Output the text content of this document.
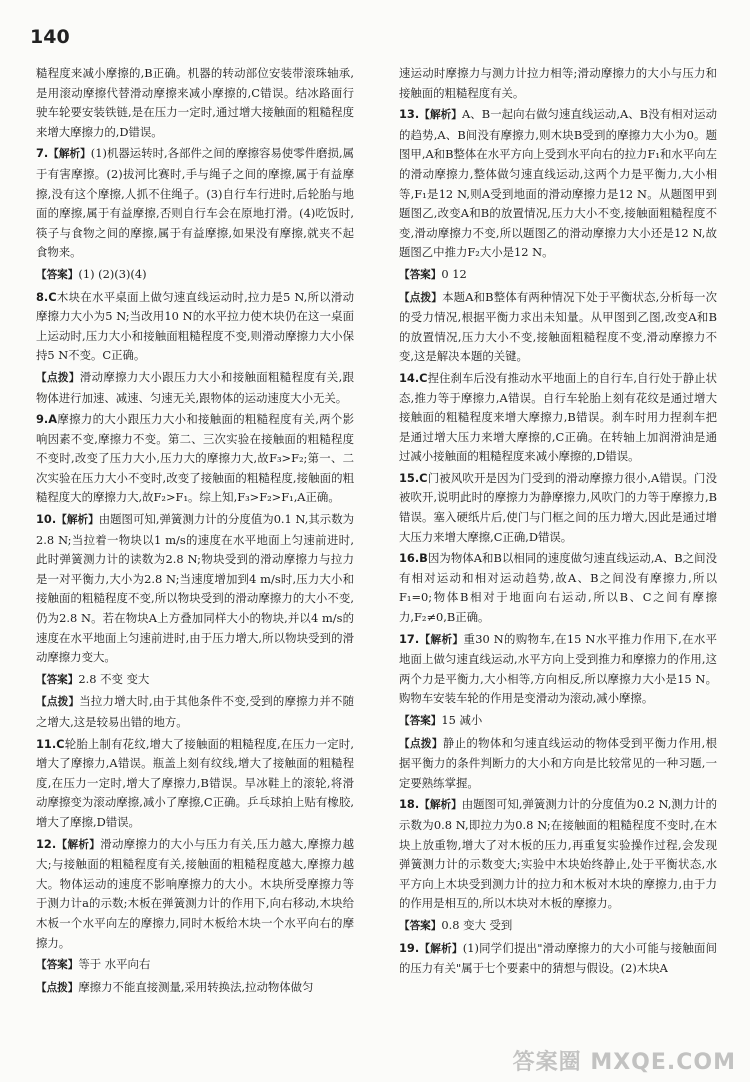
140
糙程度来减小摩擦的,B正确。机器的转动部位安装带滚珠轴承,是用滚动摩擦代替滑动摩擦来减小摩擦的,C错误。结冰路面行驶车轮要安装铁链,是在压力一定时,通过增大接触面的粗糙程度来增大摩擦力的,D错误。
7.【解析】(1)机器运转时,各部件之间的摩擦容易使零件磨损,属于有害摩擦。(2)拔河比赛时,手与绳子之间的摩擦,属于有益摩擦,没有这个摩擦,人抓不住绳子。(3)自行车行进时,后轮胎与地面的摩擦,属于有益摩擦,否则自行车会在原地打滑。(4)吃饭时,筷子与食物之间的摩擦,属于有益摩擦,如果没有摩擦,就夹不起食物来。
【答案】(1) (2)(3)(4)
8.C木块在水平桌面上做匀速直线运动时,拉力是5 N,所以滑动摩擦力大小为5 N;当改用10 N的水平拉力使木块仍在这一桌面上运动时,压力大小和接触面粗糙程度不变,则滑动摩擦力大小保持5 N不变。C正确。
【点拨】滑动摩擦力大小跟压力大小和接触面粗糙程度有关,跟物体进行加速、减速、匀速无关,跟物体的运动速度大小无关。
9.A摩擦力的大小跟压力大小和接触面的粗糙程度有关,两个影响因素不变,摩擦力不变。第二、三次实验在接触面的粗糙程度不变时,改变了压力大小,压力大的摩擦力大,故F₃>F₂;第一、二次实验在压力大小不变时,改变了接触面的粗糙程度,接触面的粗糙程度大的摩擦力大,故F₂>F₁。综上知,F₃>F₂>F₁,A正确。
10.【解析】由题图可知,弹簧测力计的分度值为0.1 N,其示数为2.8 N;当拉着一物块以1 m/s的速度在水平地面上匀速前进时,此时弹簧测力计的读数为2.8 N;物块受到的滑动摩擦力与拉力是一对平衡力,大小为2.8 N;当速度增加到4 m/s时,压力大小和接触面的粗糙程度不变,所以物块受到的滑动摩擦力的大小不变,仍为2.8 N。若在物块A上方叠加同样大小的物块,并以4 m/s的速度在水平地面上匀速前进时,由于压力增大,所以物块受到的滑动摩擦力变大。
【答案】2.8 不变 变大
【点拨】当拉力增大时,由于其他条件不变,受到的摩擦力并不随之增大,这是较易出错的地方。
11.C轮胎上制有花纹,增大了接触面的粗糙程度,在压力一定时,增大了摩擦力,A错误。瓶盖上刻有纹线,增大了接触面的粗糙程度,在压力一定时,增大了摩擦力,B错误。旱冰鞋上的滚轮,将滑动摩擦变为滚动摩擦,减小了摩擦,C正确。乒乓球拍上贴有橡胶,增大了摩擦,D错误。
12.【解析】滑动摩擦力的大小与压力有关,压力越大,摩擦力越大;与接触面的粗糙程度有关,接触面的粗糙程度越大,摩擦力越大。物体运动的速度不影响摩擦力的大小。木块所受摩擦力等于测力计a的示数;木板在弹簧测力计的作用下,向右移动,木块给木板一个水平向左的摩擦力,同时木板给木块一个水平向右的摩擦力。
【答案】等于 水平向右
【点拨】摩擦力不能直接测量,采用转换法,拉动物体做匀
速运动时摩擦力与测力计拉力相等;滑动摩擦力的大小与压力和接触面的粗糙程度有关。
13.【解析】A、B一起向右做匀速直线运动,A、B没有相对运动的趋势,A、B间没有摩擦力,则木块B受到的摩擦力大小为0。题图甲,A和B整体在水平方向上受到水平向右的拉力F₁和水平向左的滑动摩擦力,整体做匀速直线运动,这两个力是平衡力,大小相等,F₁是12 N,则A受到地面的滑动摩擦力是12 N。从题图甲到题图乙,改变A和B的放置情况,压力大小不变,接触面粗糙程度不变,滑动摩擦力不变,所以题图乙的滑动摩擦力大小还是12 N,故题图乙中推力F₂大小是12 N。
【答案】0 12
【点拨】本题A和B整体有两种情况下处于平衡状态,分析每一次的受力情况,根据平衡力求出未知量。从甲图到乙图,改变A和B的放置情况,压力大小不变,接触面粗糙程度不变,滑动摩擦力不变,这是解决本题的关键。
14.C捏住刹车后没有推动水平地面上的自行车,自行处于静止状态,推力等于摩擦力,A错误。自行车轮胎上刻有花纹是通过增大接触面的粗糙程度来增大摩擦力,B错误。刹车时用力捏刹车把是通过增大压力来增大摩擦的,C正确。在转轴上加润滑油是通过减小接触面的粗糙程度来减小摩擦的,D错误。
15.C门被风吹开是因为门受到的滑动摩擦力很小,A错误。门没被吹开,说明此时的摩擦力为静摩擦力,风吹门的力等于摩擦力,B错误。塞入硬纸片后,使门与门框之间的压力增大,因此是通过增大压力来增大摩擦,C正确,D错误。
16.B因为物体A和B以相同的速度做匀速直线运动,A、B之间没有相对运动和相对运动趋势,故A、B之间没有摩擦力,所以F₁=0;物体B相对于地面向右运动,所以B、C之间有摩擦力,F₂≠0,B正确。
17.【解析】重30 N的购物车,在15 N水平推力作用下,在水平地面上做匀速直线运动,水平方向上受到推力和摩擦力的作用,这两个力是平衡力,大小相等,方向相反,所以摩擦力大小是15 N。购物车安装车轮的作用是变滑动为滚动,减小摩擦。
【答案】15 减小
【点拨】静止的物体和匀速直线运动的物体受到平衡力作用,根据平衡力的条件判断力的大小和方向是比较常见的一种习题,一定要熟练掌握。
18.【解析】由题图可知,弹簧测力计的分度值为0.2 N,测力计的示数为0.8 N,即拉力为0.8 N;在接触面的粗糙程度不变时,在木块上放重物,增大了对木板的压力,再重复实验操作过程,会发现弹簧测力计的示数变大;实验中木块始终静止,处于平衡状态,水平方向上木块受到测力计的拉力和木板对木块的摩擦力,由于力的作用是相互的,所以木块对木板的摩擦力。
【答案】0.8 变大 受到
19.【解析】(1)同学们提出"滑动摩擦力的大小可能与接触面间的压力有关"属于七个要素中的猜想与假设。(2)木块A
答案圈 MXQE.COM
